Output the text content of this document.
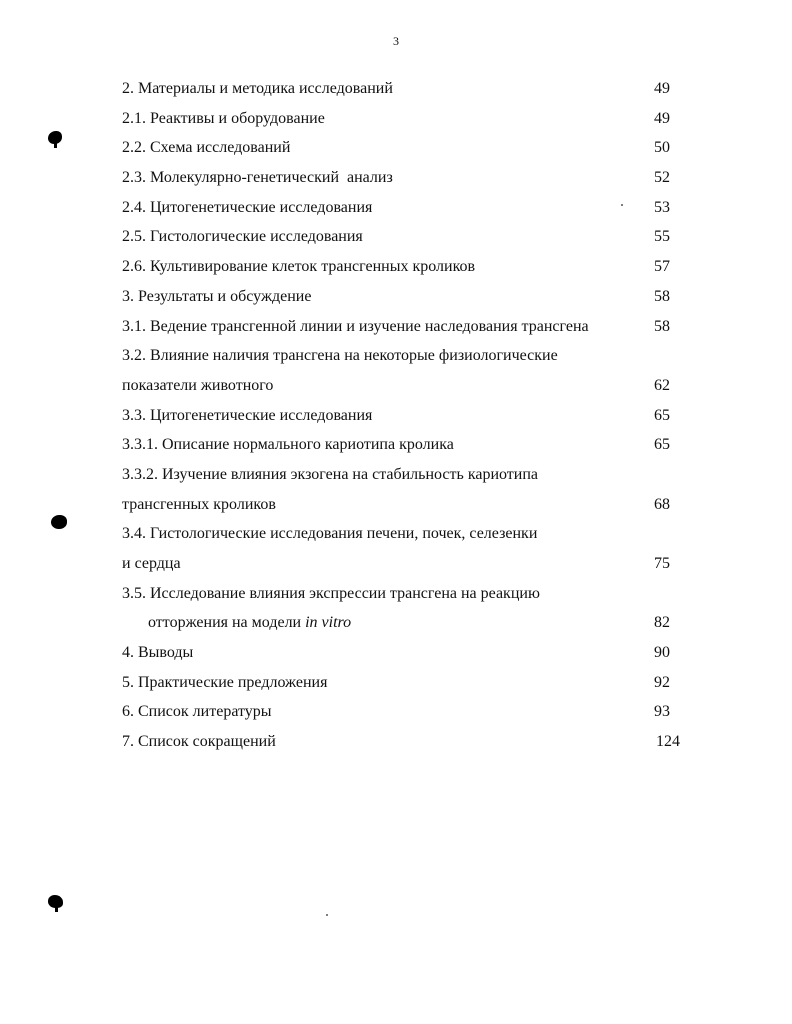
3
2. Материалы и методика исследований	49
2.1. Реактивы и оборудование	49
2.2. Схема исследований	50
2.3. Молекулярно-генетический  анализ	52
2.4. Цитогенетические исследования	53
2.5. Гистологические исследования	55
2.6. Культивирование клеток трансгенных кроликов	57
3. Результаты и обсуждение	58
3.1. Ведение трансгенной линии и изучение наследования трансгена	58
3.2. Влияние наличия трансгена на некоторые физиологические
показатели животного	62
3.3. Цитогенетические исследования	65
3.3.1. Описание нормального кариотипа кролика	65
3.3.2. Изучение влияния экзогена на стабильность кариотипа
трансгенных кроликов	68
3.4. Гистологические исследования печени, почек, селезенки
и сердца	75
3.5. Исследование влияния экспрессии трансгена на реакцию
отторжения на модели in vitro	82
4. Выводы	90
5. Практические предложения	92
6. Список литературы	93
7. Список сокращений	124
